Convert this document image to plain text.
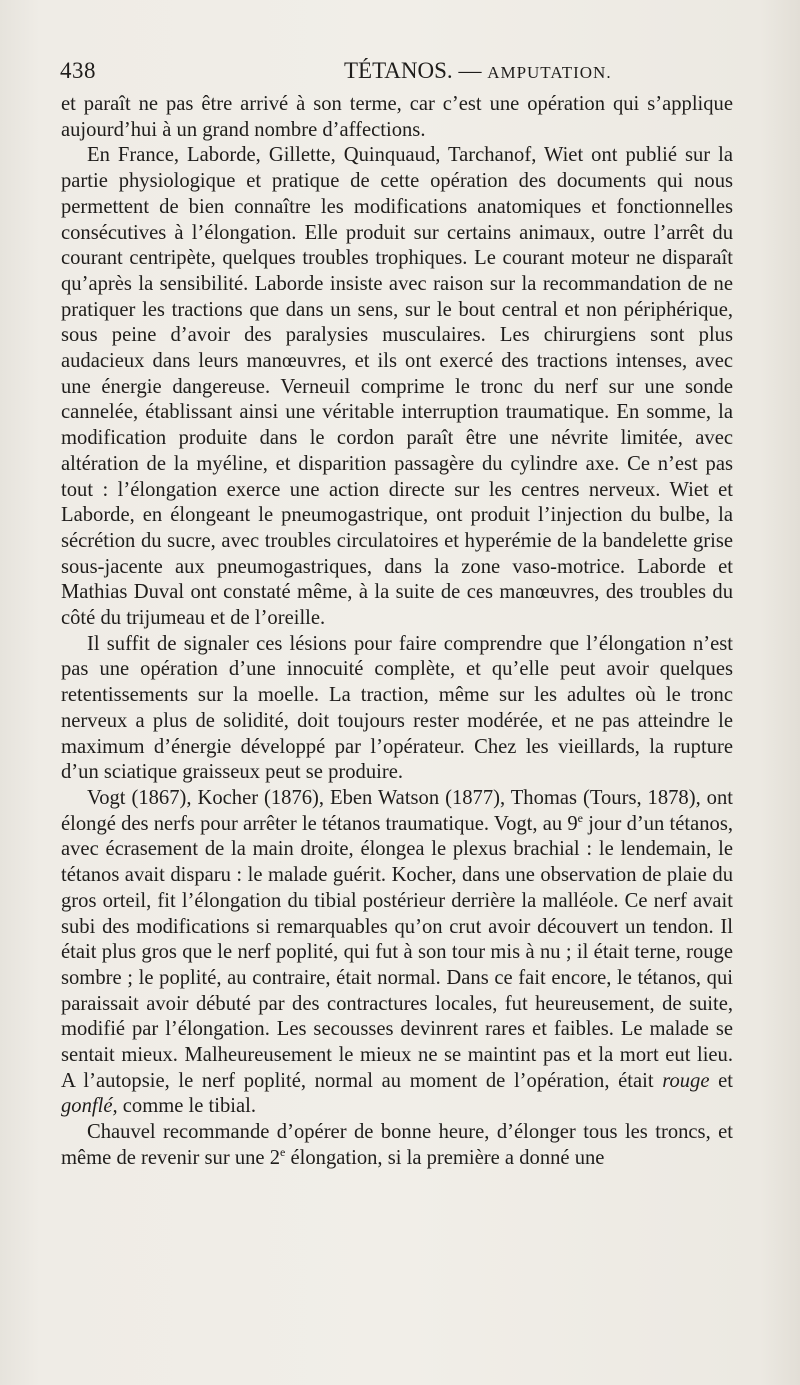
438	TÉTANOS. — AMPUTATION.

et paraît ne pas être arrivé à son terme, car c’est une opération qui s’applique aujourd’hui à un grand nombre d’affections.

En France, Laborde, Gillette, Quinquaud, Tarchanof, Wiet ont publié sur la partie physiologique et pratique de cette opération des documents qui nous permettent de bien connaître les modifications anatomiques et fonctionnelles consécutives à l’élongation. Elle produit sur certains animaux, outre l’arrêt du courant centripète, quelques troubles trophiques. Le courant moteur ne disparaît qu’après la sensibilité. Laborde insiste avec raison sur la recommandation de ne pratiquer les tractions que dans un sens, sur le bout central et non périphérique, sous peine d’avoir des paralysies musculaires. Les chirurgiens sont plus audacieux dans leurs manœuvres, et ils ont exercé des tractions intenses, avec une énergie dangereuse. Verneuil comprime le tronc du nerf sur une sonde cannelée, établissant ainsi une véritable interruption traumatique. En somme, la modification produite dans le cordon paraît être une névrite limitée, avec altération de la myéline, et disparition passagère du cylindre axe. Ce n’est pas tout : l’élongation exerce une action directe sur les centres nerveux. Wiet et Laborde, en élongeant le pneumogastrique, ont produit l’injection du bulbe, la sécrétion du sucre, avec troubles circulatoires et hyperémie de la bandelette grise sous-jacente aux pneumogastriques, dans la zone vaso-motrice. Laborde et Mathias Duval ont constaté même, à la suite de ces manœuvres, des troubles du côté du trijumeau et de l’oreille.

Il suffit de signaler ces lésions pour faire comprendre que l’élongation n’est pas une opération d’une innocuité complète, et qu’elle peut avoir quelques retentissements sur la moelle. La traction, même sur les adultes où le tronc nerveux a plus de solidité, doit toujours rester modérée, et ne pas atteindre le maximum d’énergie développé par l’opérateur. Chez les vieillards, la rupture d’un sciatique graisseux peut se produire.

Vogt (1867), Kocher (1876), Eben Watson (1877), Thomas (Tours, 1878), ont élongé des nerfs pour arrêter le tétanos traumatique. Vogt, au 9e jour d’un tétanos, avec écrasement de la main droite, élongea le plexus brachial : le lendemain, le tétanos avait disparu : le malade guérit. Kocher, dans une observation de plaie du gros orteil, fit l’élongation du tibial postérieur derrière la malléole. Ce nerf avait subi des modifications si remarquables qu’on crut avoir découvert un tendon. Il était plus gros que le nerf poplité, qui fut à son tour mis à nu ; il était terne, rouge sombre ; le poplité, au contraire, était normal. Dans ce fait encore, le tétanos, qui paraissait avoir débuté par des contractures locales, fut heureusement, de suite, modifié par l’élongation. Les secousses devinrent rares et faibles. Le malade se sentait mieux. Malheureusement le mieux ne se maintint pas et la mort eut lieu. A l’autopsie, le nerf poplité, normal au moment de l’opération, était rouge et gonflé, comme le tibial.

Chauvel recommande d’opérer de bonne heure, d’élonger tous les troncs, et même de revenir sur une 2e élongation, si la première a donné une
